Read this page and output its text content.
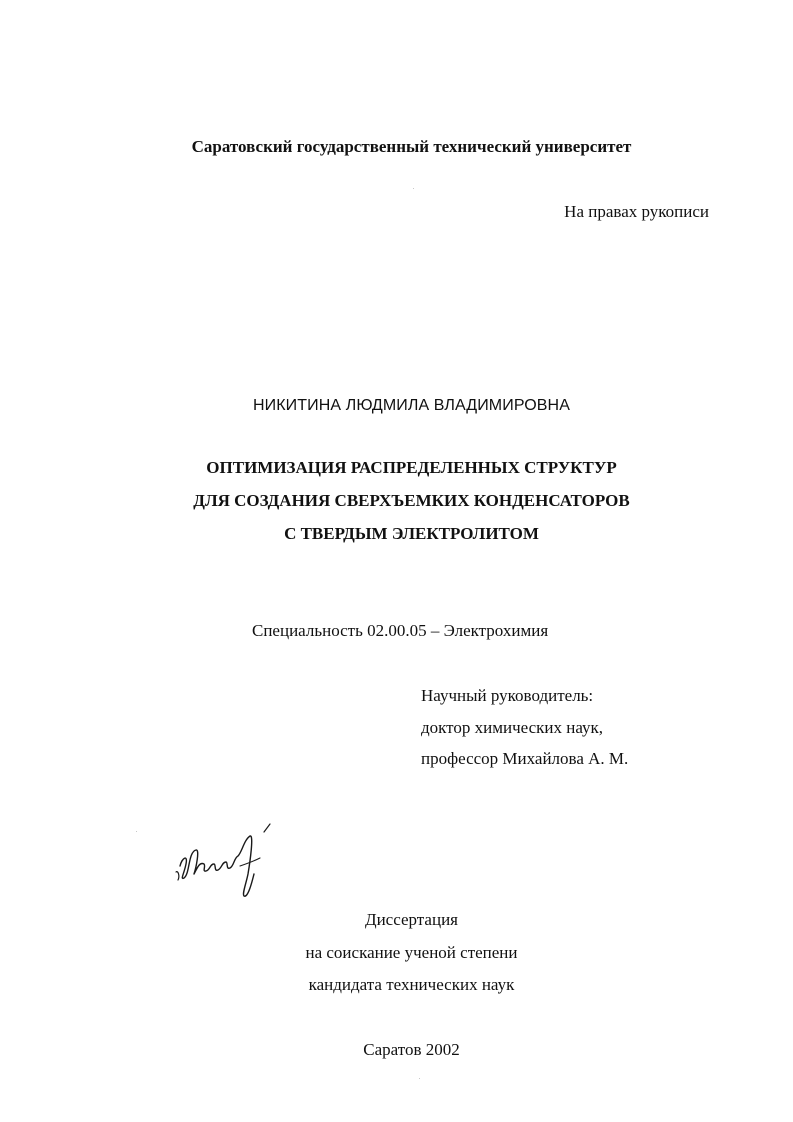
Саратовский государственный технический университет
На правах рукописи
НИКИТИНА ЛЮДМИЛА ВЛАДИМИРОВНА
ОПТИМИЗАЦИЯ РАСПРЕДЕЛЕННЫХ СТРУКТУР
ДЛЯ СОЗДАНИЯ СВЕРХЪЕМКИХ КОНДЕНСАТОРОВ
С ТВЕРДЫМ ЭЛЕКТРОЛИТОМ
Специальность 02.00.05 – Электрохимия
Научный руководитель:
доктор химических наук,
профессор Михайлова А. М.
Диссертация
на соискание ученой степени
кандидата технических наук
Саратов 2002
